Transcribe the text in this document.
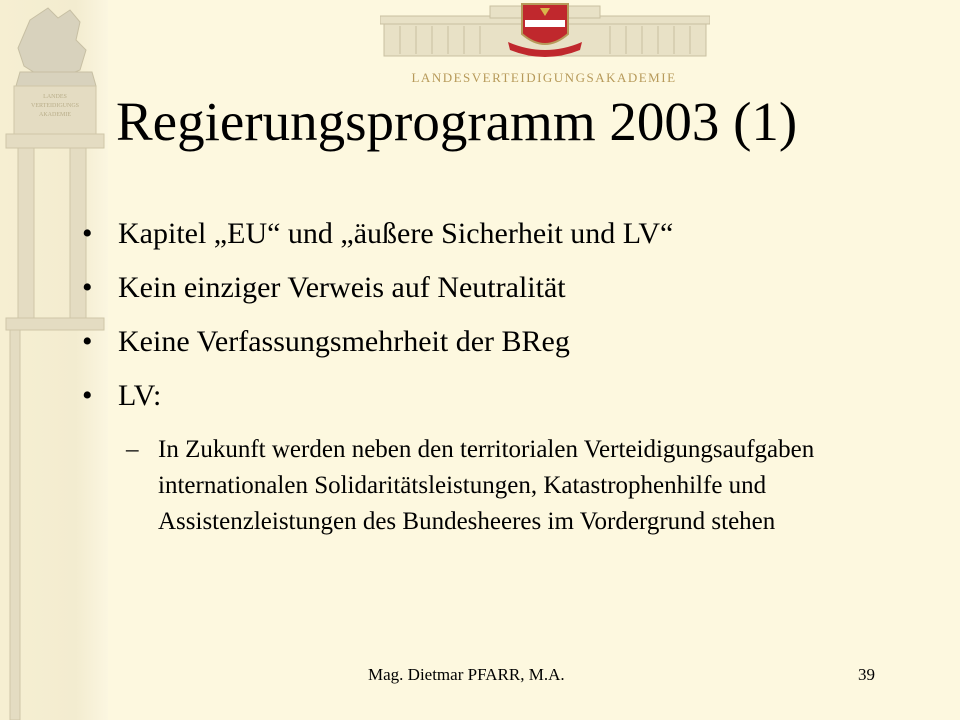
LANDES
VERTEIDIGUNGS
AKADEMIE
LANDESVERTEIDIGUNGSAKADEMIE
Regierungsprogramm 2003 (1)
• Kapitel „EU“ und „äußere Sicherheit und LV“
• Kein einziger Verweis auf Neutralität
• Keine Verfassungsmehrheit der BReg
• LV:
– In Zukunft werden neben den territorialen Verteidigungsaufgaben internationalen Solidaritätsleistungen, Katastrophenhilfe und Assistenzleistungen des Bundesheeres im Vordergrund stehen
Mag. Dietmar PFARR, M.A.	39
